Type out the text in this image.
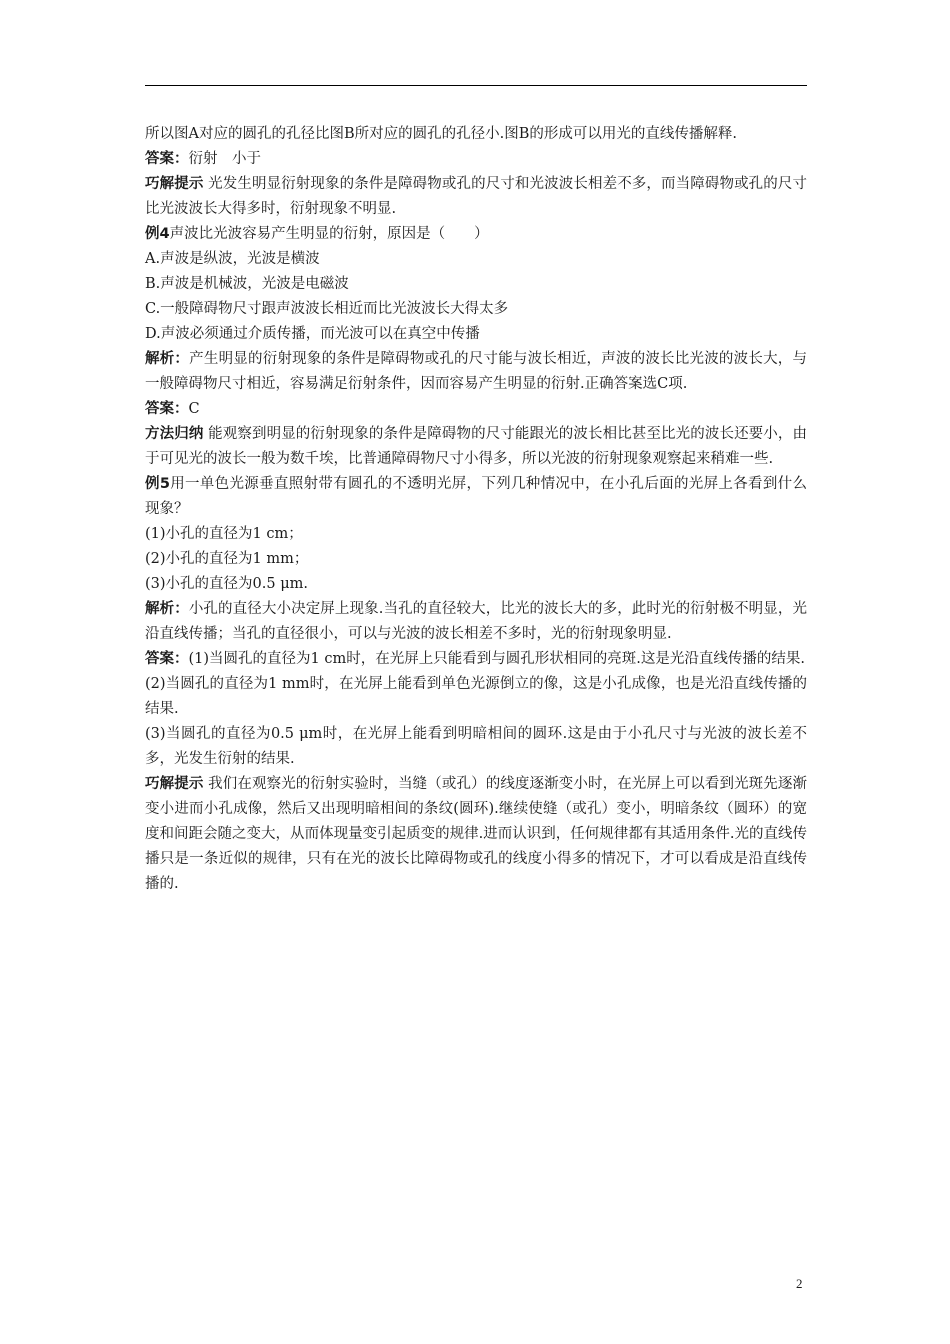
所以图A对应的圆孔的孔径比图B所对应的圆孔的孔径小.图B的形成可以用光的直线传播解释.

答案：衍射　小于

巧解提示 光发生明显衍射现象的条件是障碍物或孔的尺寸和光波波长相差不多，而当障碍物或孔的尺寸比光波波长大得多时，衍射现象不明显.

例4声波比光波容易产生明显的衍射，原因是（　　）

A.声波是纵波，光波是横波

B.声波是机械波，光波是电磁波

C.一般障碍物尺寸跟声波波长相近而比光波波长大得太多

D.声波必须通过介质传播，而光波可以在真空中传播

解析：产生明显的衍射现象的条件是障碍物或孔的尺寸能与波长相近，声波的波长比光波的波长大，与一般障碍物尺寸相近，容易满足衍射条件，因而容易产生明显的衍射.正确答案选C项.

答案：C

方法归纳 能观察到明显的衍射现象的条件是障碍物的尺寸能跟光的波长相比甚至比光的波长还要小，由于可见光的波长一般为数千埃，比普通障碍物尺寸小得多，所以光波的衍射现象观察起来稍难一些.

例5用一单色光源垂直照射带有圆孔的不透明光屏，下列几种情况中，在小孔后面的光屏上各看到什么现象？

(1)小孔的直径为1 cm；

(2)小孔的直径为1 mm；

(3)小孔的直径为0.5 μm.

解析：小孔的直径大小决定屏上现象.当孔的直径较大，比光的波长大的多，此时光的衍射极不明显，光沿直线传播；当孔的直径很小，可以与光波的波长相差不多时，光的衍射现象明显.

答案：(1)当圆孔的直径为1 cm时，在光屏上只能看到与圆孔形状相同的亮斑.这是光沿直线传播的结果.

(2)当圆孔的直径为1 mm时，在光屏上能看到单色光源倒立的像，这是小孔成像，也是光沿直线传播的结果.

(3)当圆孔的直径为0.5 μm时，在光屏上能看到明暗相间的圆环.这是由于小孔尺寸与光波的波长差不多，光发生衍射的结果.

巧解提示 我们在观察光的衍射实验时，当缝（或孔）的线度逐渐变小时，在光屏上可以看到光斑先逐渐变小进而小孔成像，然后又出现明暗相间的条纹(圆环).继续使缝（或孔）变小，明暗条纹（圆环）的宽度和间距会随之变大，从而体现量变引起质变的规律.进而认识到，任何规律都有其适用条件.光的直线传播只是一条近似的规律，只有在光的波长比障碍物或孔的线度小得多的情况下，才可以看成是沿直线传播的.

2
